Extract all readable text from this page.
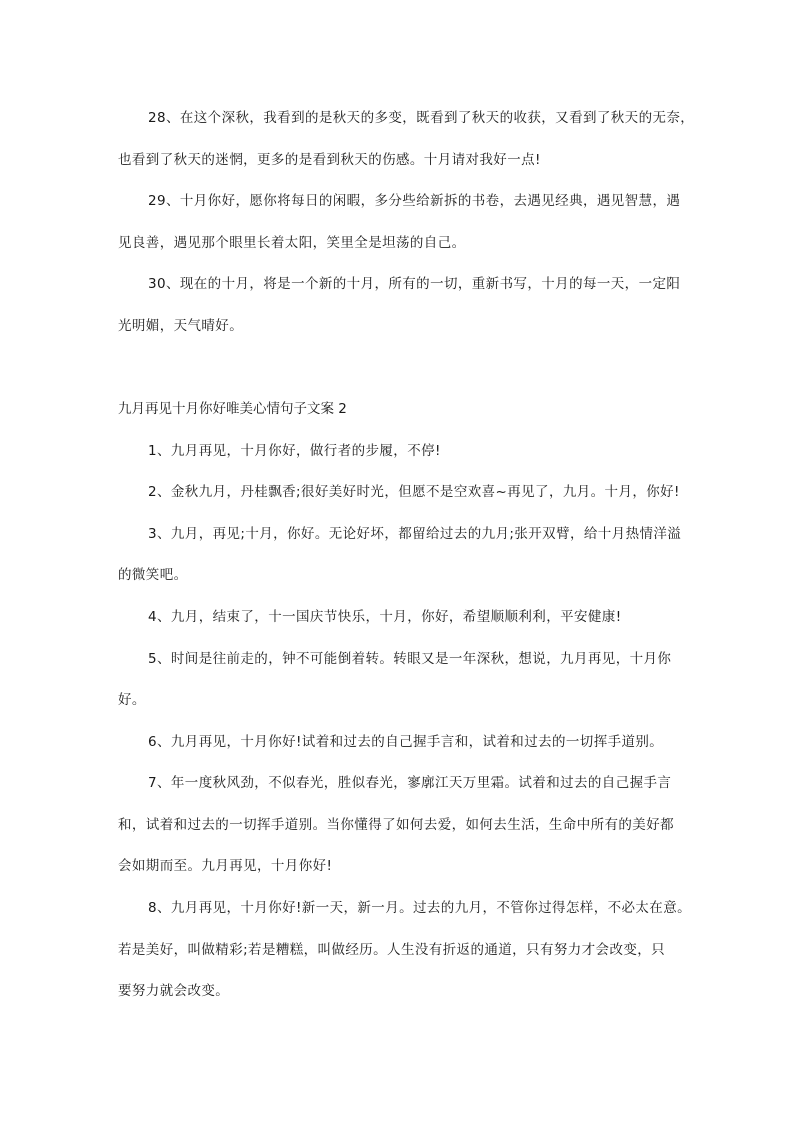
28、在这个深秋，我看到的是秋天的多变，既看到了秋天的收获，又看到了秋天的无奈，
也看到了秋天的迷惘，更多的是看到秋天的伤感。十月请对我好一点!
29、十月你好，愿你将每日的闲暇，多分些给新拆的书卷，去遇见经典，遇见智慧，遇
见良善，遇见那个眼里长着太阳，笑里全是坦荡的自己。
30、现在的十月，将是一个新的十月，所有的一切，重新书写，十月的每一天，一定阳
光明媚，天气晴好。
九月再见十月你好唯美心情句子文案 2
1、九月再见，十月你好，做行者的步履，不停!
2、金秋九月，丹桂飘香;很好美好时光，但愿不是空欢喜~再见了，九月。十月，你好!
3、九月，再见;十月，你好。无论好坏，都留给过去的九月;张开双臂，给十月热情洋溢
的微笑吧。
4、九月，结束了，十一国庆节快乐，十月，你好，希望顺顺利利，平安健康!
5、时间是往前走的，钟不可能倒着转。转眼又是一年深秋，想说，九月再见，十月你
好。
6、九月再见，十月你好!试着和过去的自己握手言和，试着和过去的一切挥手道别。
7、年一度秋风劲，不似春光，胜似春光，寥廓江天万里霜。试着和过去的自己握手言
和，试着和过去的一切挥手道别。当你懂得了如何去爱，如何去生活，生命中所有的美好都
会如期而至。九月再见，十月你好!
8、九月再见，十月你好!新一天，新一月。过去的九月，不管你过得怎样，不必太在意。
若是美好，叫做精彩;若是糟糕，叫做经历。人生没有折返的通道，只有努力才会改变，只
要努力就会改变。
